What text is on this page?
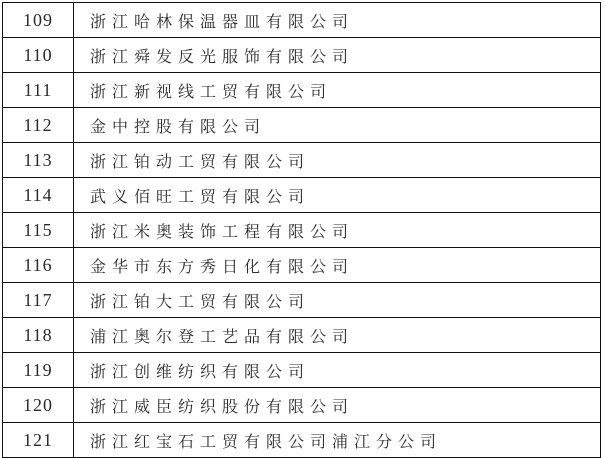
109	浙江哈林保温器皿有限公司
110	浙江舜发反光服饰有限公司
111	浙江新视线工贸有限公司
112	金中控股有限公司
113	浙江铂动工贸有限公司
114	武义佰旺工贸有限公司
115	浙江米奥装饰工程有限公司
116	金华市东方秀日化有限公司
117	浙江铂大工贸有限公司
118	浦江奥尔登工艺品有限公司
119	浙江创维纺织有限公司
120	浙江威臣纺织股份有限公司
121	浙江红宝石工贸有限公司浦江分公司
